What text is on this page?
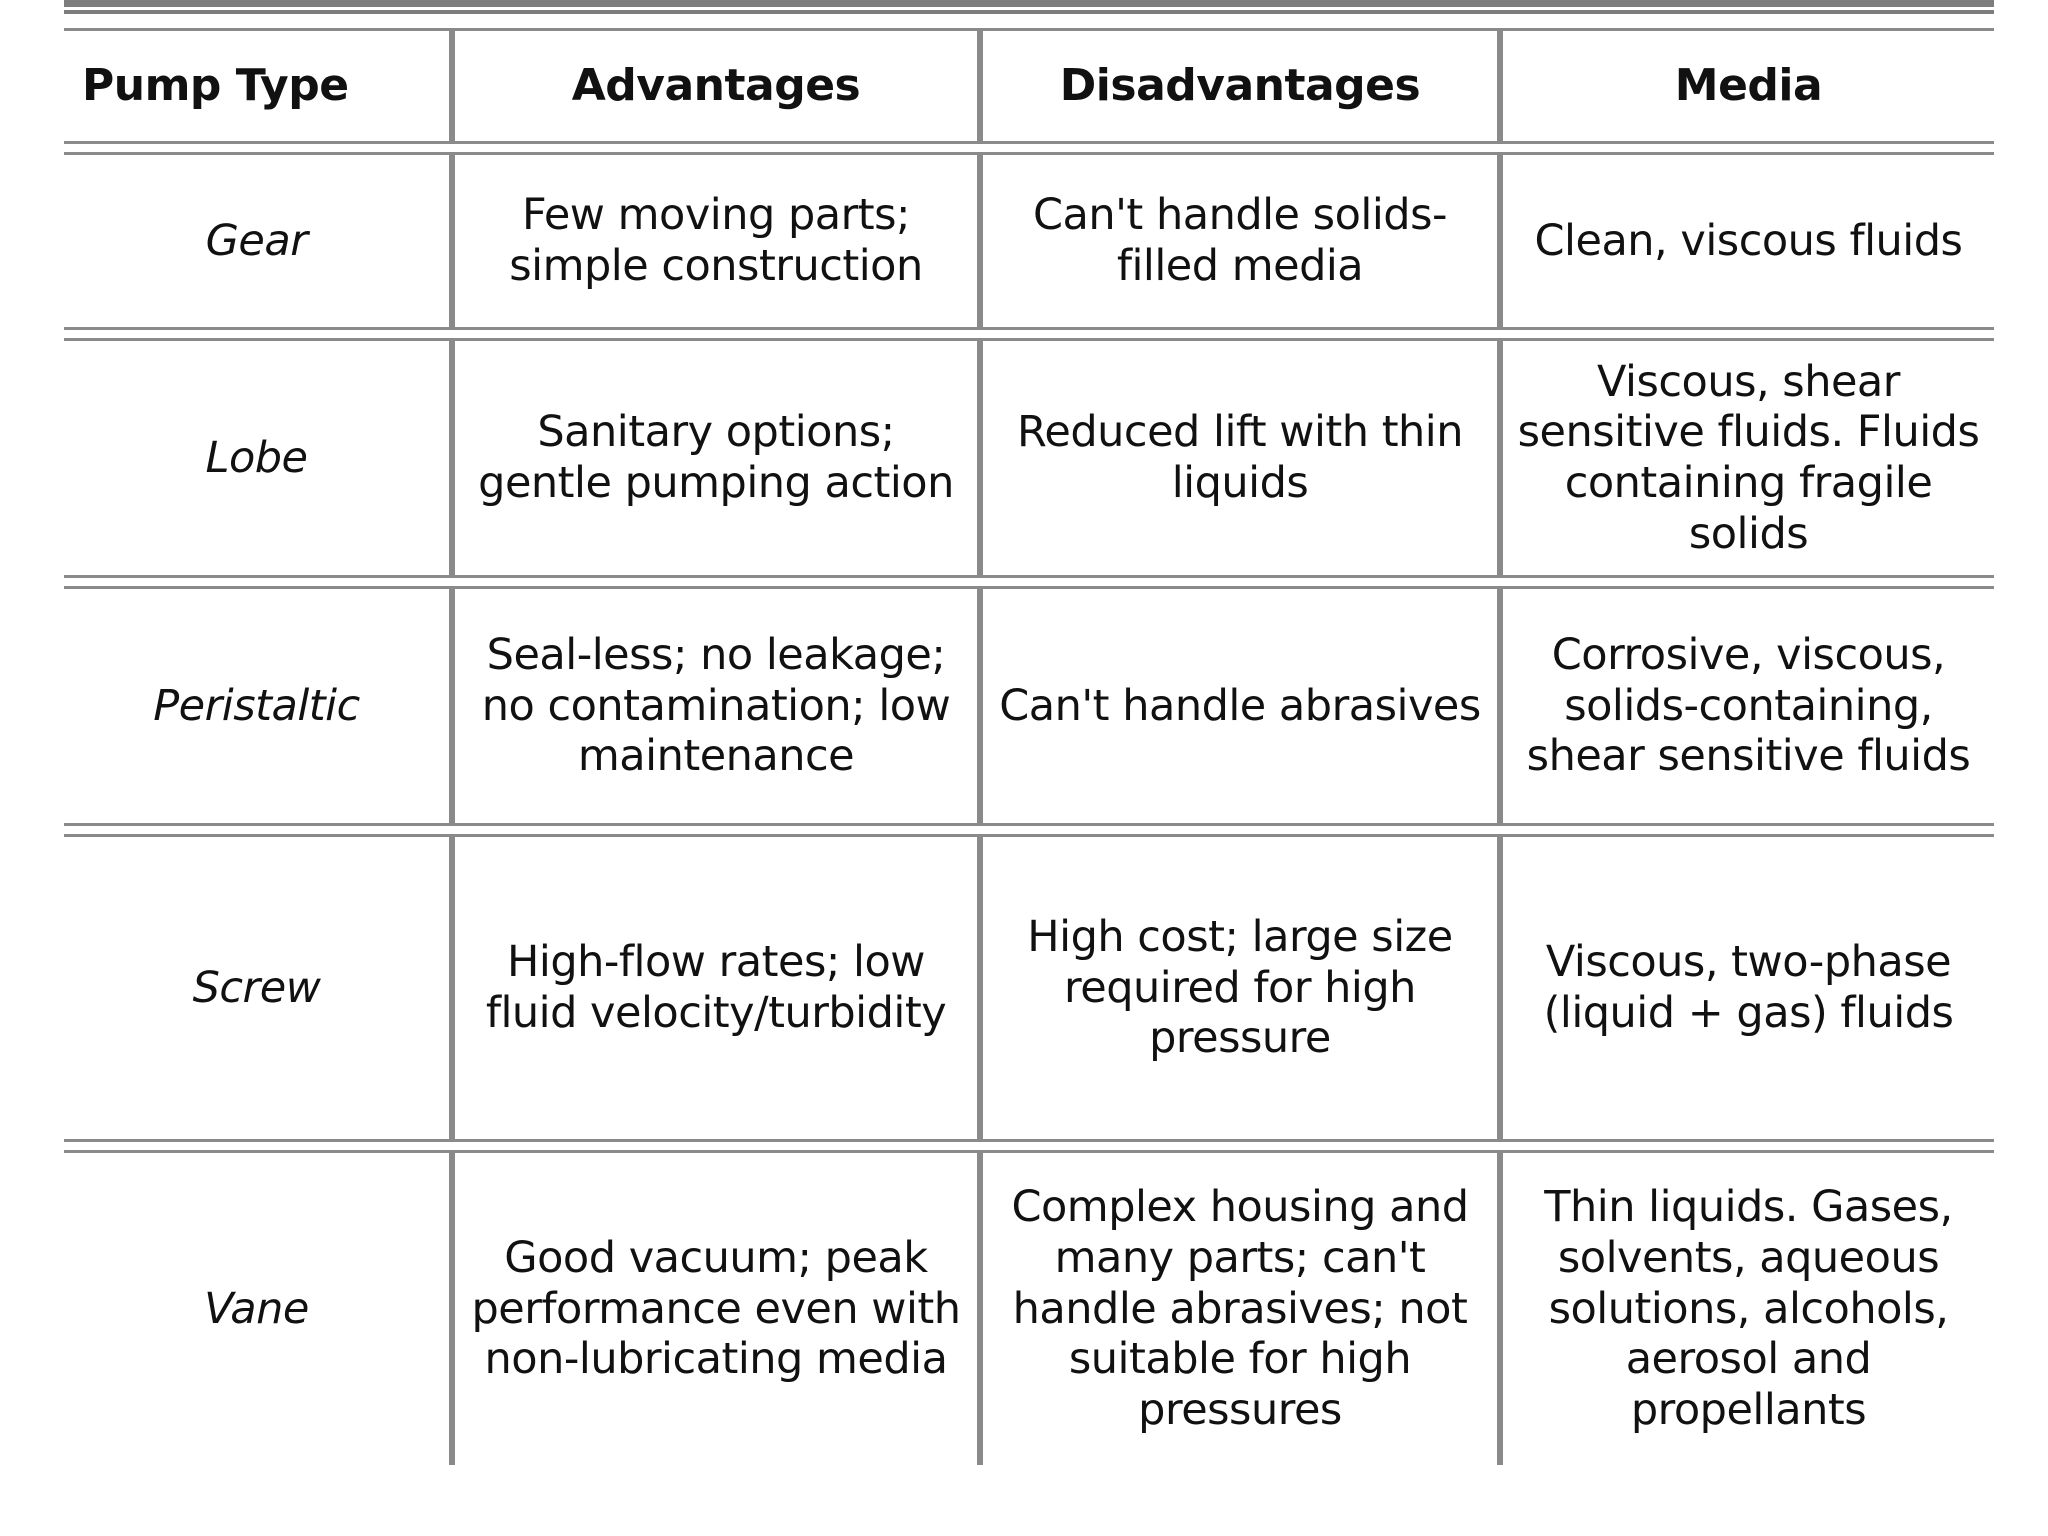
Pump Type	Advantages	Disadvantages	Media
Gear	Few moving parts; simple construction	Can't handle solids-filled media	Clean, viscous fluids
Lobe	Sanitary options; gentle pumping action	Reduced lift with thin liquids	Viscous, shear sensitive fluids. Fluids containing fragile solids
Peristaltic	Seal-less; no leakage; no contamination; low maintenance	Can't handle abrasives	Corrosive, viscous, solids-containing, shear sensitive fluids
Screw	High-flow rates; low fluid velocity/turbidity	High cost; large size required for high pressure	Viscous, two-phase (liquid + gas) fluids
Vane	Good vacuum; peak performance even with non-lubricating media	Complex housing and many parts; can't handle abrasives; not suitable for high pressures	Thin liquids. Gases, solvents, aqueous solutions, alcohols, aerosol and propellants
